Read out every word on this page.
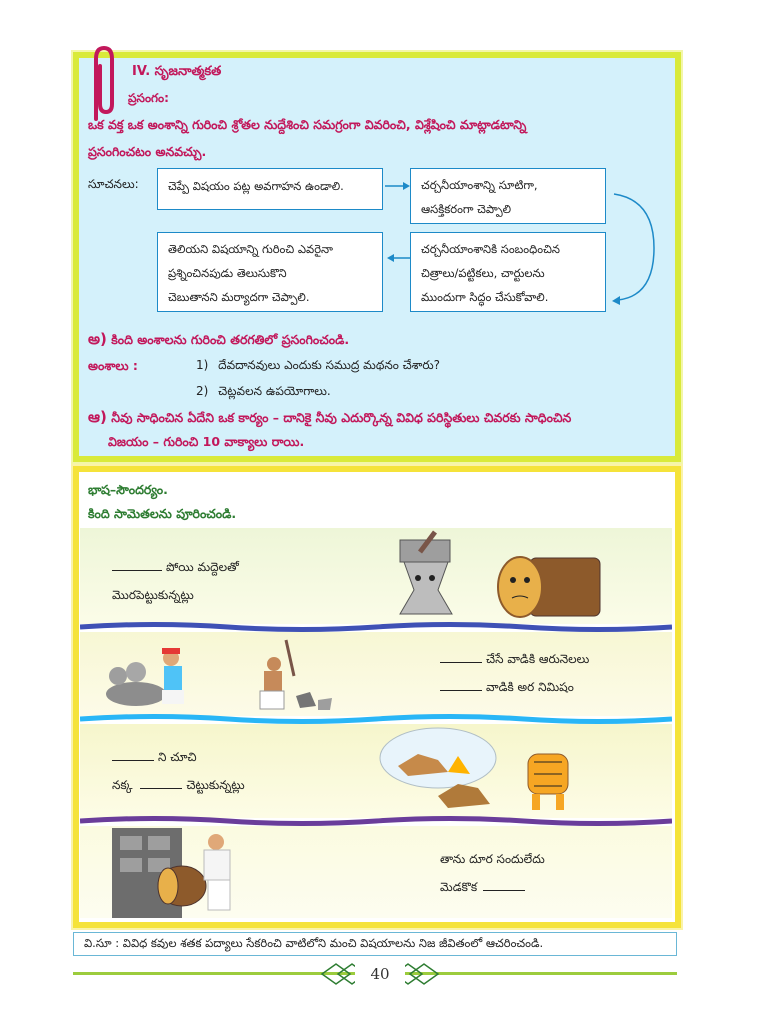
IV. సృజనాత్మకత
ప్రసంగం:
ఒక వక్త ఒక అంశాన్ని గురించి శ్రోతల నుద్దేశించి సమగ్రంగా వివరించి, విశ్లేషించి మాట్లాడటాన్ని
ప్రసంగించటం అనవచ్చు.
సూచనలు:	చెప్పే విషయం పట్ల అవగాహన ఉండాలి.	చర్చనీయాంశాన్ని సూటిగా,
ఆసక్తికరంగా చెప్పాలి
తెలియని విషయాన్ని గురించి ఎవరైనా
ప్రశ్నించినపుడు తెలుసుకొని
చెబుతానని మర్యాదగా చెప్పాలి.
చర్చనీయాంశానికి సంబంధించిన
చిత్రాలు/పట్టికలు, చార్టులను
ముందుగా సిద్ధం చేసుకోవాలి.
అ) కింది అంశాలను గురించి తరగతిలో ప్రసంగించండి.
అంశాలు :	1) దేవదానవులు ఎందుకు సముద్ర మథనం చేశారు?
2) చెట్లవలన ఉపయోగాలు.
ఆ) నీవు సాధించిన ఏదేని ఒక కార్యం – దానికై నీవు ఎదుర్కొన్న వివిధ పరిస్థితులు చివరకు సాధించిన
విజయం – గురించి 10 వాక్యాలు రాయి.
భాష–సౌందర్యం.
కింది సామెతలను పూరించండి.
పోయి మద్దెలతో
మొరపెట్టుకున్నట్లు
చేసే వాడికి ఆరునెలలు
వాడికి అర నిమిషం
ని చూచి
నక్క	చెట్టుకున్నట్లు
తాను దూర సందులేదు
మెడకొక
వి.సూ : వివిధ కవుల శతక పద్యాలు సేకరించి వాటిలోని మంచి విషయాలను నిజ జీవితంలో ఆచరించండి.
40
